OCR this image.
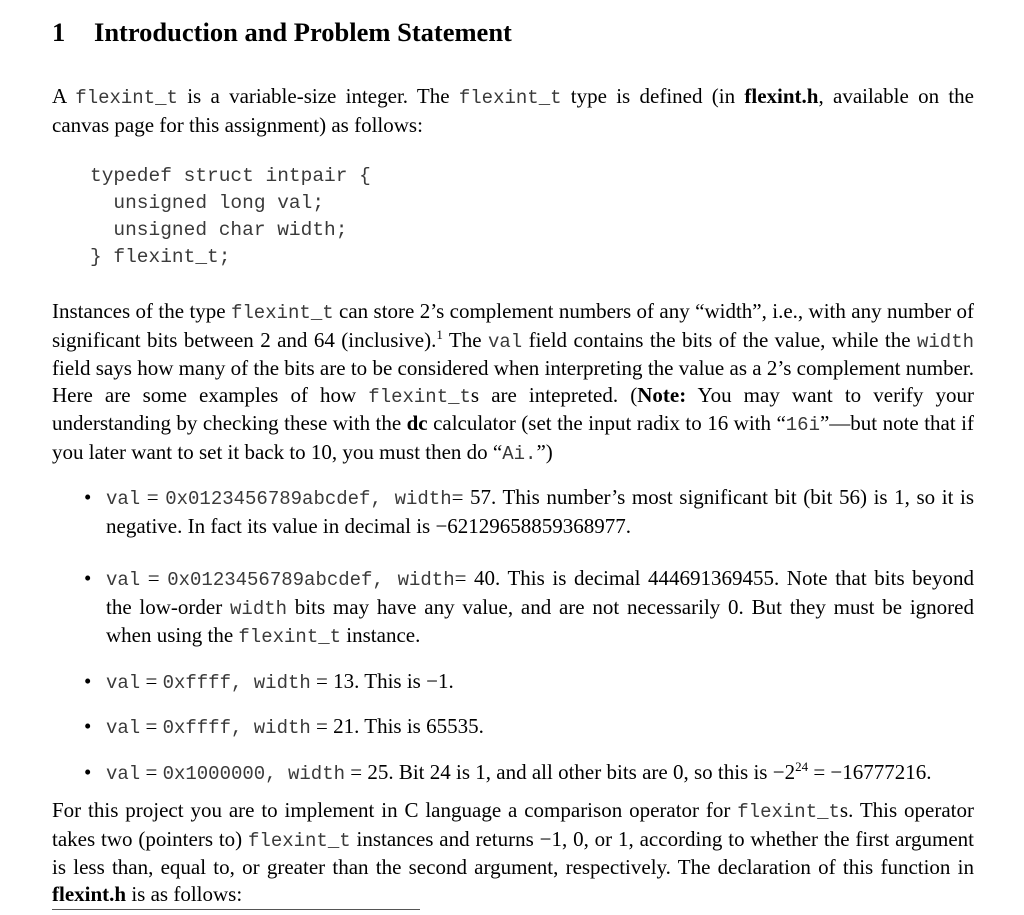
1 Introduction and Problem Statement
A flexint_t is a variable-size integer. The flexint_t type is defined (in flexint.h, available on the canvas page for this assignment) as follows:
typedef struct intpair {
unsigned long val;
unsigned char width;
} flexint_t;
Instances of the type flexint_t can store 2’s complement numbers of any “width”, i.e., with any number of significant bits between 2 and 64 (inclusive).$^1$ The val field contains the bits of the value, while the width field says how many of the bits are to be considered when interpreting the value as a 2’s complement number. Here are some examples of how flexint_ts are intepreted. (Note: You may want to verify your understanding by checking these with the dc calculator (set the input radix to 16 with “16i”—but note that if you later want to set it back to 10, you must then do “Ai.”)
• val = 0x0123456789abcdef, width= 57. This number’s most significant bit (bit 56) is 1, so it is negative. In fact its value in decimal is −62129658859368977.
• val = 0x0123456789abcdef, width= 40. This is decimal 444691369455. Note that bits beyond the low-order width bits may have any value, and are not necessarily 0. But they must be ignored when using the flexint_t instance.
• val = 0xffff, width = 13. This is −1.
• val = 0xffff, width = 21. This is 65535.
• val = 0x1000000, width = 25. Bit 24 is 1, and all other bits are 0, so this is $-2^{24} = -16777216$.
For this project you are to implement in C language a comparison operator for flexint_ts. This operator takes two (pointers to) flexint_t instances and returns −1, 0, or 1, according to whether the first argument is less than, equal to, or greater than the second argument, respectively. The declaration of this function in flexint.h is as follows:
